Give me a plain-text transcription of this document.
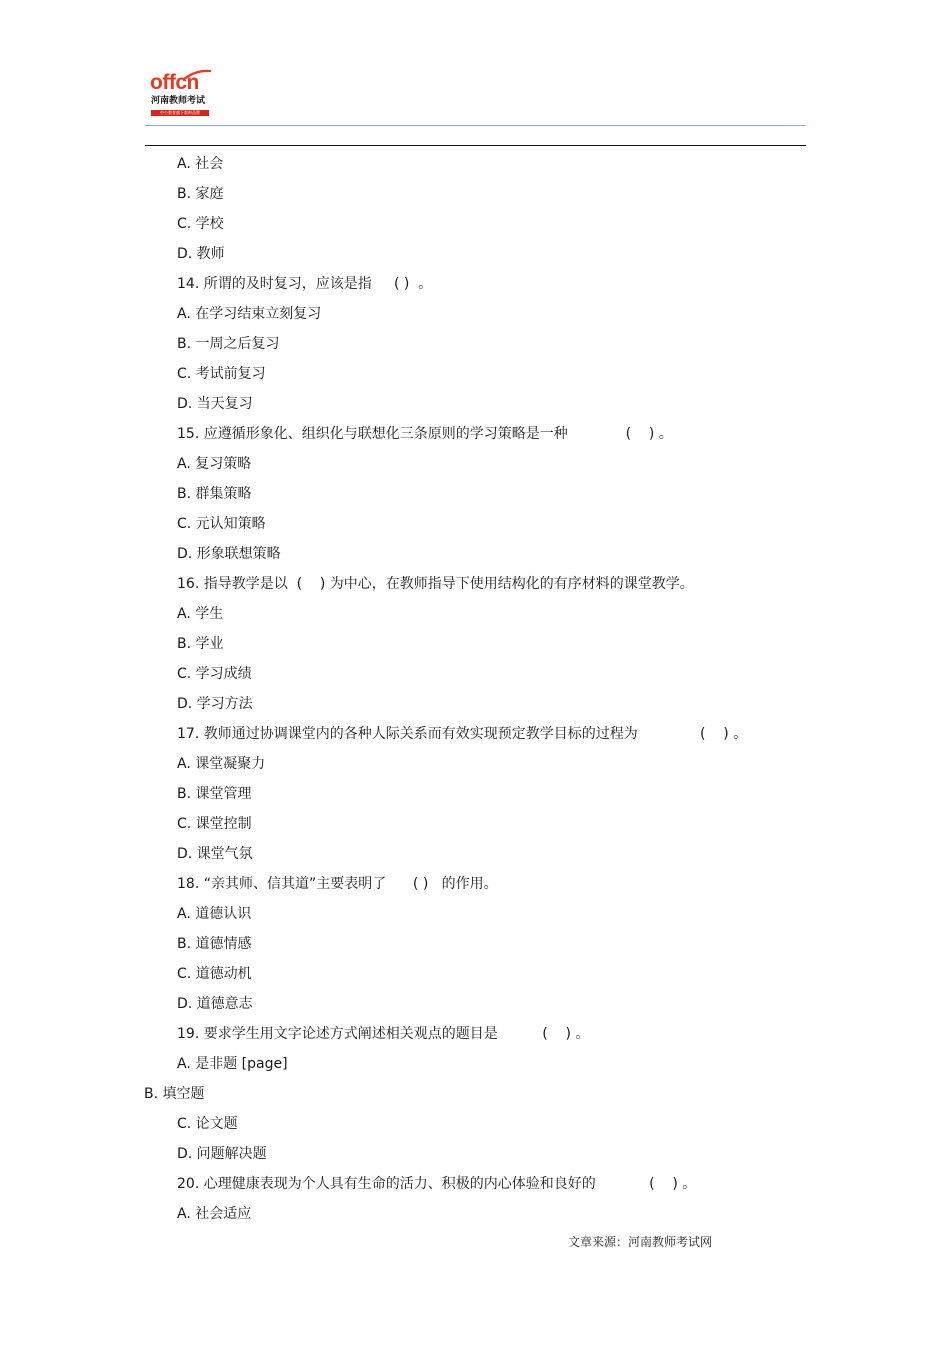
offcn
河南教师考试
中公教育旗下教师品牌
A. 社会
B. 家庭
C. 学校
D. 教师
14. 所谓的及时复习，应该是指     ( )  。
A. 在学习结束立刻复习
B. 一周之后复习
C. 考试前复习
D. 当天复习
15. 应遵循形象化、组织化与联想化三条原则的学习策略是一种             (    ) 。
A. 复习策略
B. 群集策略
C. 元认知策略
D. 形象联想策略
16. 指导教学是以  (    ) 为中心，在教师指导下使用结构化的有序材料的课堂教学。
A. 学生
B. 学业
C. 学习成绩
D. 学习方法
17. 教师通过协调课堂内的各种人际关系而有效实现预定教学目标的过程为              (    ) 。
A. 课堂凝聚力
B. 课堂管理
C. 课堂控制
D. 课堂气氛
18. “亲其师、信其道”主要表明了      ( )   的作用。
A. 道德认识
B. 道德情感
C. 道德动机
D. 道德意志
19. 要求学生用文字论述方式阐述相关观点的题目是          (    ) 。
A. 是非题 [page]
B. 填空题
C. 论文题
D. 问题解决题
20. 心理健康表现为个人具有生命的活力、积极的内心体验和良好的            (    ) 。
A. 社会适应
文章来源：河南教师考试网
